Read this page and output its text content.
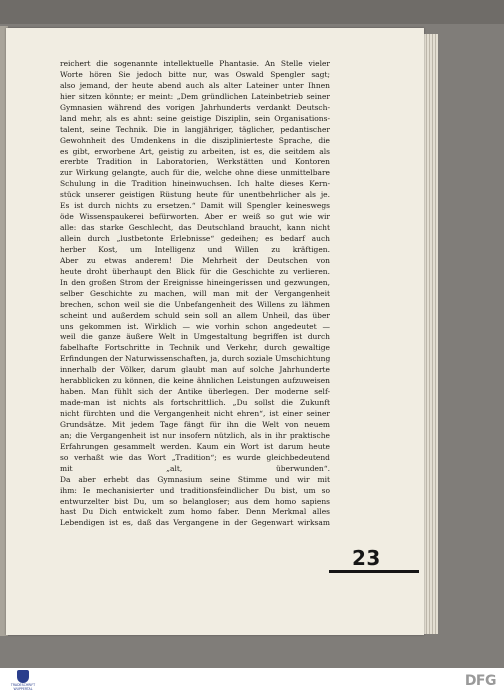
reichert die sogenannte intellektuelle Phantasie. An Stelle vieler
Worte hören Sie jedoch bitte nur, was Oswald Spengler sagt;
also jemand, der heute abend auch als alter Lateiner unter Ihnen
hier sitzen könnte; er meint: „Dem gründlichen Lateinbetrieb seiner
Gymnasien während des vorigen Jahrhunderts verdankt Deutsch-
land mehr, als es ahnt: seine geistige Disziplin, sein Organisations-
talent, seine Technik. Die in langjähriger, täglicher, pedantischer
Gewohnheit des Umdenkens in die disziplinierteste Sprache, die
es gibt, erworbene Art, geistig zu arbeiten, ist es, die seitdem als
ererbte Tradition in Laboratorien, Werkstätten und Kontoren
zur Wirkung gelangte, auch für die, welche ohne diese unmittelbare
Schulung in die Tradition hineinwuchsen. Ich halte dieses Kern-
stück unserer geistigen Rüstung heute für unentbehrlicher als je.
Es ist durch nichts zu ersetzen.“ Damit will Spengler keineswegs
öde Wissenspaukerei befürworten. Aber er weiß so gut wie wir
alle: das starke Geschlecht, das Deutschland braucht, kann nicht
allein durch „lustbetonte Erlebnisse“ gedeihen; es bedarf auch
herber Kost, um Intelligenz und Willen zu kräftigen.
Aber zu etwas anderem! Die Mehrheit der Deutschen von
heute droht überhaupt den Blick für die Geschichte zu verlieren.
In den großen Strom der Ereignisse hineingerissen und gezwungen,
selber Geschichte zu machen, will man mit der Vergangenheit
brechen, schon weil sie die Unbefangenheit des Willens zu lähmen
scheint und außerdem schuld sein soll an allem Unheil, das über
uns gekommen ist. Wirklich — wie vorhin schon angedeutet —
weil die ganze äußere Welt in Umgestaltung begriffen ist durch
fabelhafte Fortschritte in Technik und Verkehr, durch gewaltige
Erfindungen der Naturwissenschaften, ja, durch soziale Umschichtung
innerhalb der Völker, darum glaubt man auf solche Jahrhunderte
herabblicken zu können, die keine ähnlichen Leistungen aufzuweisen
haben. Man fühlt sich der Antike überlegen. Der moderne self-
made-man ist nichts als fortschrittlich. „Du sollst die Zukunft
nicht fürchten und die Vergangenheit nicht ehren“, ist einer seiner
Grundsätze. Mit jedem Tage fängt für ihn die Welt von neuem
an; die Vergangenheit ist nur insofern nützlich, als in ihr praktische
Erfahrungen gesammelt werden. Kaum ein Wort ist darum heute
so verhaßt wie das Wort „Tradition“; es wurde gleichbedeutend
mit „alt, überwunden“.
Da aber erhebt das Gymnasium seine Stimme und wir mit
ihm: Ie mechanisierter und traditionsfeindlicher Du bist, um so
entwurzelter bist Du, um so belangloser; aus dem homo sapiens
hast Du Dich entwickelt zum homo faber. Denn Merkmal alles
Lebendigen ist es, daß das Vergangene in der Gegenwart wirksam
23
TRADESCHRIFT WUPPERTAL	DFG
